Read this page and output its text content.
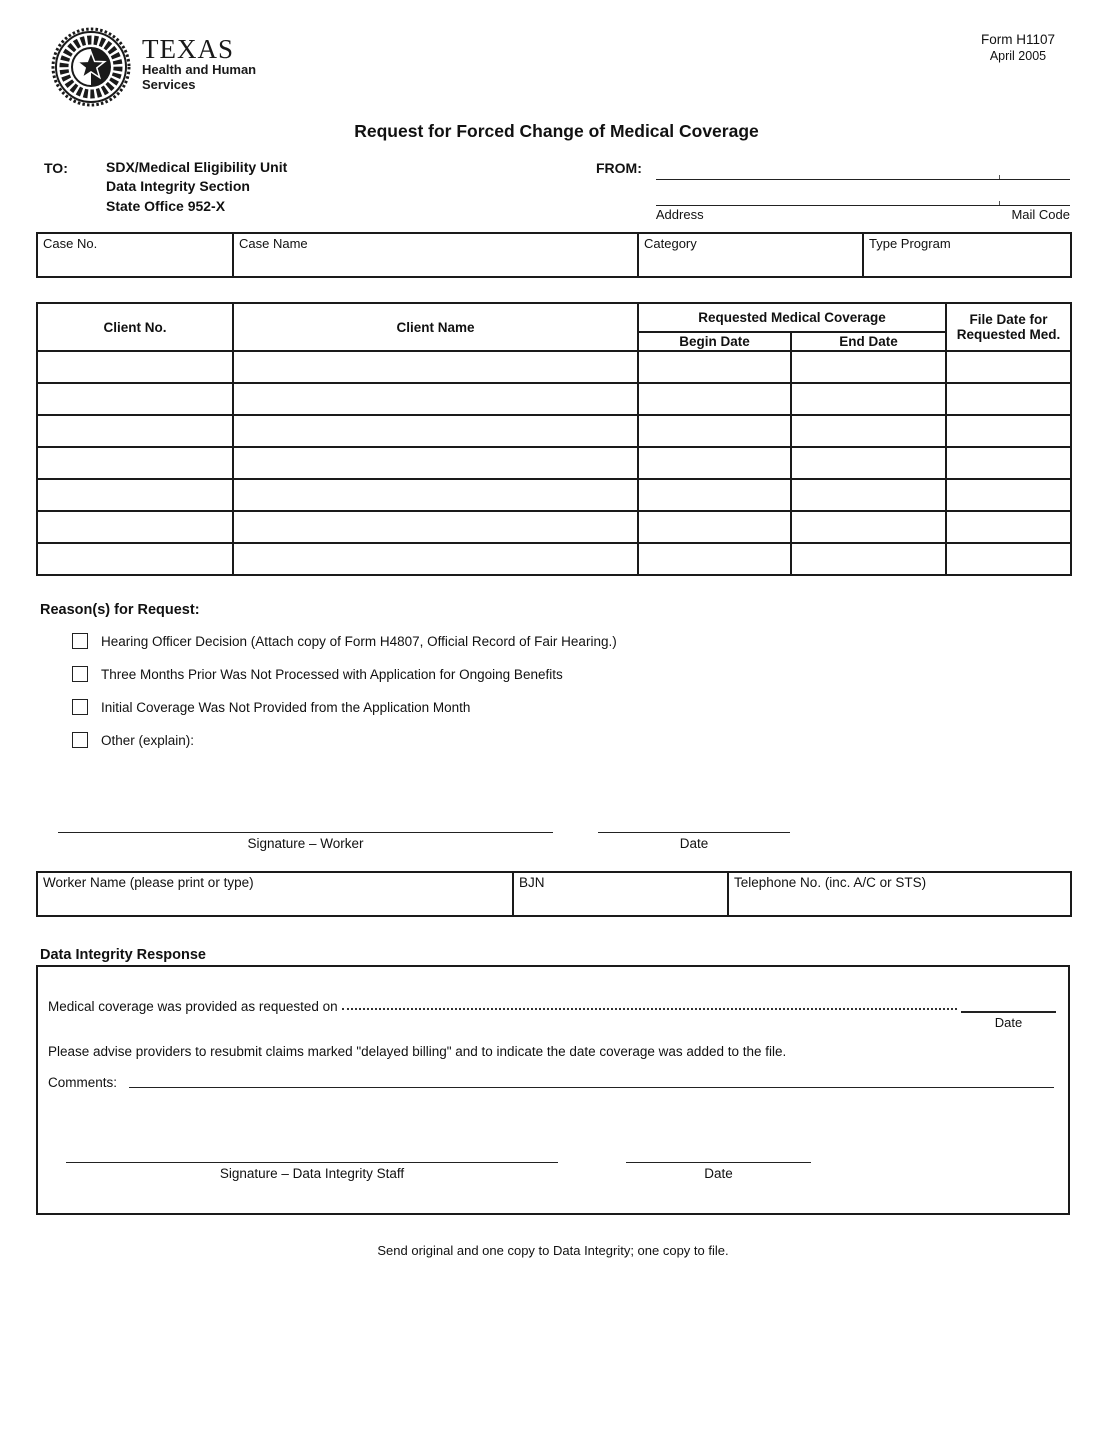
TEXAS
Health and Human
Services
Form H1107
April 2005
Request for Forced Change of Medical Coverage
TO:	SDX/Medical Eligibility Unit
Data Integrity Section
State Office 952-X
FROM:
Address	Mail Code
Case No.	Case Name	Category	Type Program
Client No.	Client Name	Requested Medical Coverage		File Date for Requested Med.
		Begin Date	End Date	

Reason(s) for Request:
Hearing Officer Decision (Attach copy of Form H4807, Official Record of Fair Hearing.)
Three Months Prior Was Not Processed with Application for Ongoing Benefits
Initial Coverage Was Not Provided from the Application Month
Other (explain):
Signature – Worker	Date
Worker Name (please print or type)	BJN	Telephone No. (inc. A/C or STS)
Data Integrity Response
Medical coverage was provided as requested on
Date
Please advise providers to resubmit claims marked "delayed billing" and to indicate the date coverage was added to the file.
Comments:
Signature – Data Integrity Staff	Date
Send original and one copy to Data Integrity; one copy to file.
